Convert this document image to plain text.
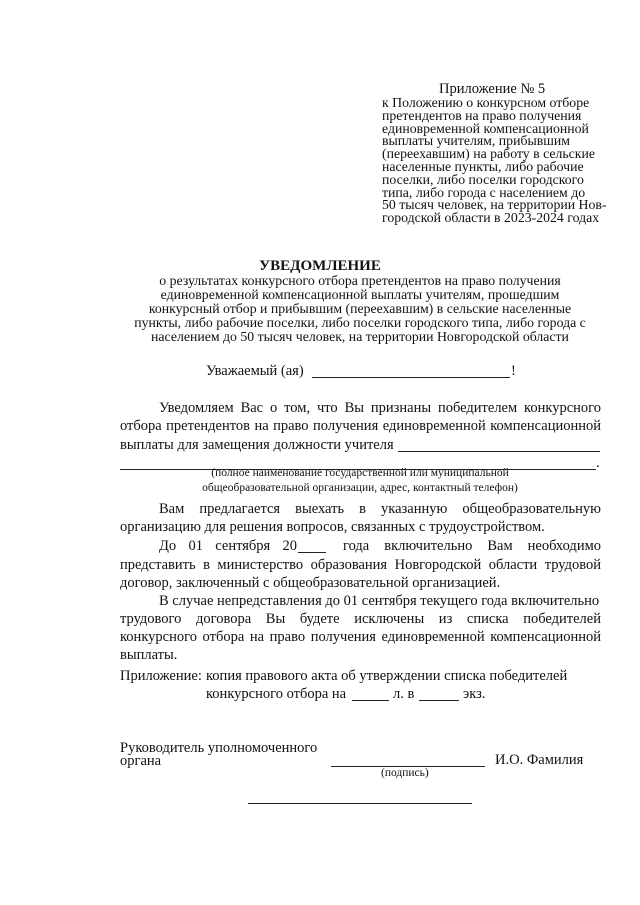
Приложение № 5
к Положению о конкурсном отборе
претендентов на право получения
единовременной компенсационной
выплаты учителям, прибывшим
(переехавшим) на работу в сельские
населенные пункты, либо рабочие
поселки, либо поселки городского
типа, либо города с населением до
50 тысяч человек, на территории Нов-
городской области в 2023-2024 годах
УВЕДОМЛЕНИЕ
о результатах конкурсного отбора претендентов на право получения
единовременной компенсационной выплаты учителям, прошедшим
конкурсный отбор и прибывшим (переехавшим) в сельские населенные
пункты, либо рабочие поселки, либо поселки городского типа, либо города с
населением до 50 тысяч человек, на территории Новгородской области
Уважаемый (ая)	!
Уведомляем Вас о том, что Вы признаны победителем конкурсного
отбора претендентов на право получения единовременной компенсационной
выплаты для замещения должности учителя
.
(полное наименование государственной или муниципальной
общеобразовательной организации, адрес, контактный телефон)
Вам предлагается выехать в указанную общеобразовательную
организацию для решения вопросов, связанных с трудоустройством.
До 01 сентября 20	года включительно Вам необходимо
представить в министерство образования Новгородской области трудовой
договор, заключенный с общеобразовательной организацией.
В случае непредставления до 01 сентября текущего года включительно
трудового договора Вы будете исключены из списка победителей
конкурсного отбора на право получения единовременной компенсационной
выплаты.
Приложение: копия правового акта об утверждении списка победителей
конкурсного отбора на	л. в	экз.
Руководитель уполномоченного
органа	И.О. Фамилия
(подпись)
